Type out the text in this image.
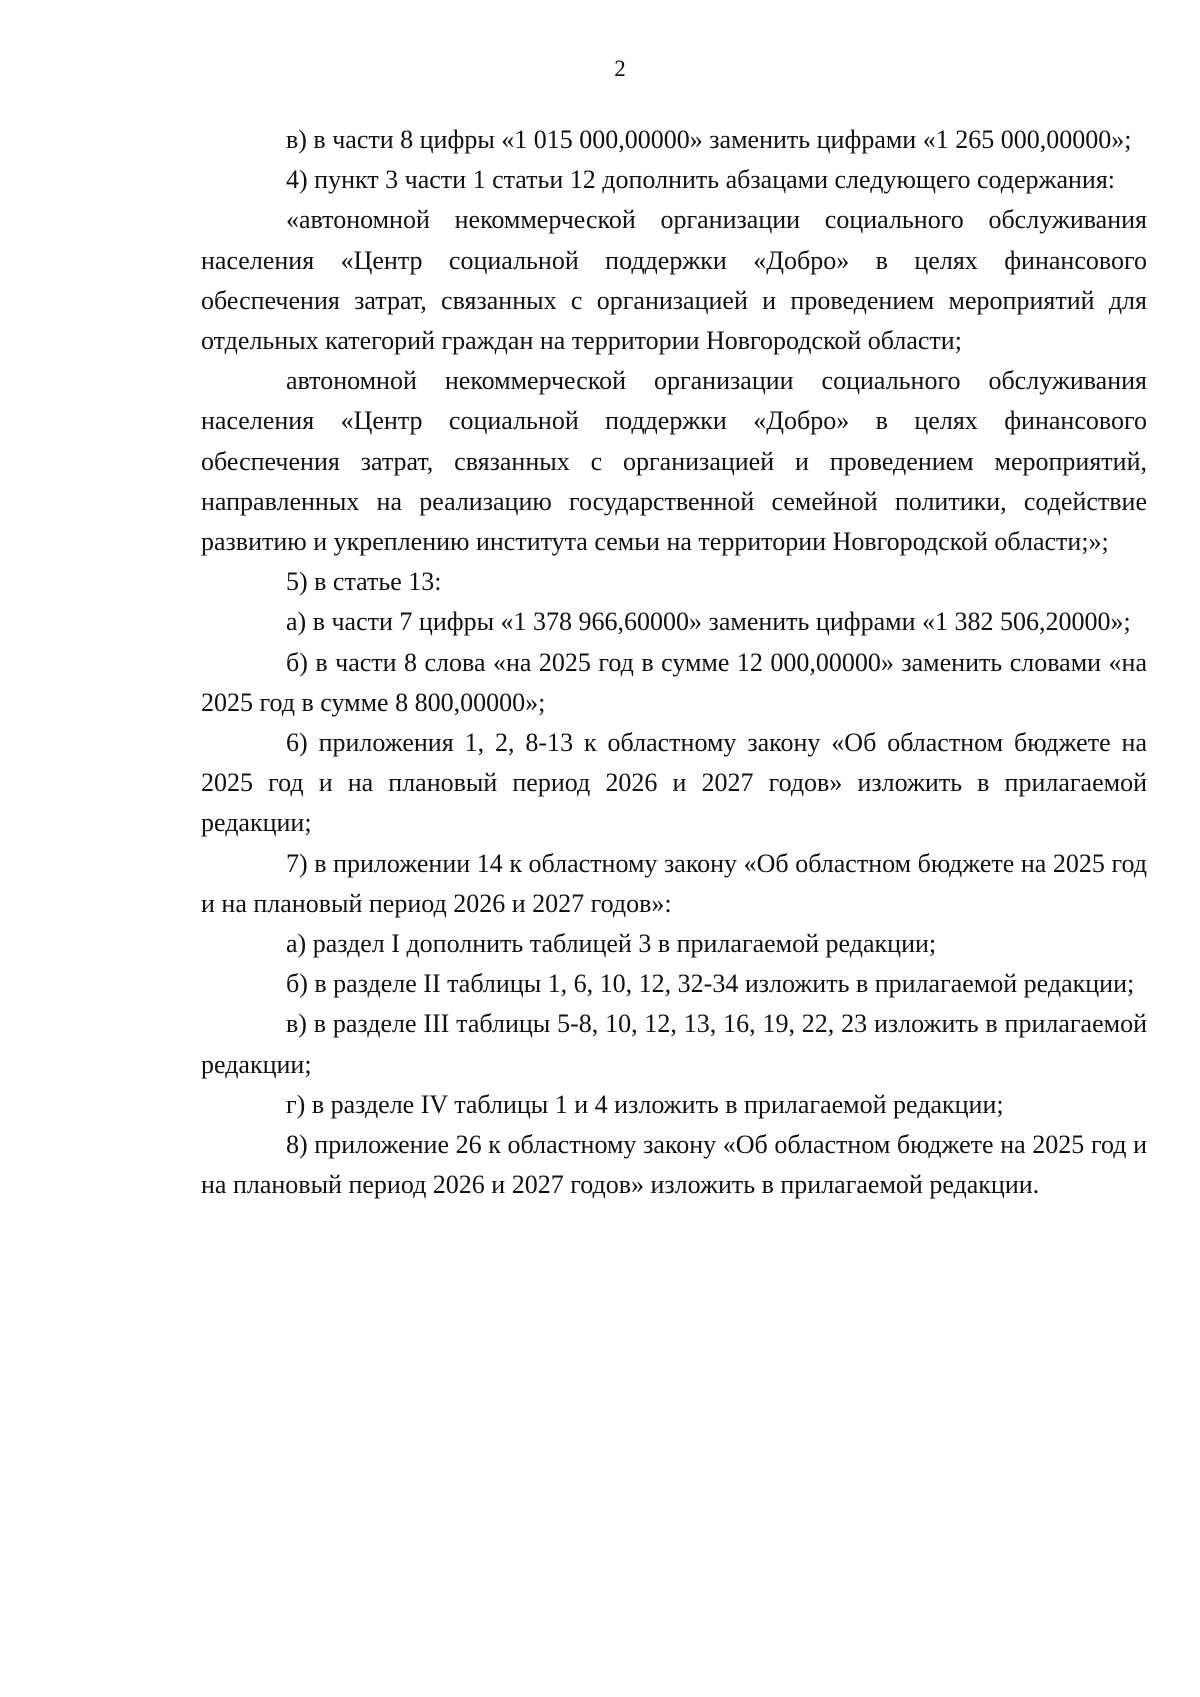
2

в) в части 8 цифры «1 015 000,00000» заменить цифрами «1 265 000,00000»;

4) пункт 3 части 1 статьи 12 дополнить абзацами следующего содержания:

«автономной некоммерческой организации социального обслуживания населения «Центр социальной поддержки «Добро» в целях финансового обеспечения затрат, связанных с организацией и проведением мероприятий для отдельных категорий граждан на территории Новгородской области;

автономной некоммерческой организации социального обслуживания населения «Центр социальной поддержки «Добро» в целях финансового обеспечения затрат, связанных с организацией и проведением мероприятий, направленных на реализацию государственной семейной политики, содействие развитию и укреплению института семьи на территории Новгородской области;»;

5) в статье 13:

а) в части 7 цифры «1 378 966,60000» заменить цифрами «1 382 506,20000»;

б) в части 8 слова «на 2025 год в сумме 12 000,00000» заменить словами «на 2025 год в сумме 8 800,00000»;

6) приложения 1, 2, 8-13 к областному закону «Об областном бюджете на 2025 год и на плановый период 2026 и 2027 годов» изложить в прилагаемой редакции;

7) в приложении 14 к областному закону «Об областном бюджете на 2025 год и на плановый период 2026 и 2027 годов»:

а) раздел I дополнить таблицей 3 в прилагаемой редакции;

б) в разделе II таблицы 1, 6, 10, 12, 32-34 изложить в прилагаемой редакции;

в) в разделе III таблицы 5-8, 10, 12, 13, 16, 19, 22, 23 изложить в прилагаемой редакции;

г) в разделе IV таблицы 1 и 4 изложить в прилагаемой редакции;

8) приложение 26 к областному закону «Об областном бюджете на 2025 год и на плановый период 2026 и 2027 годов» изложить в прилагаемой редакции.
